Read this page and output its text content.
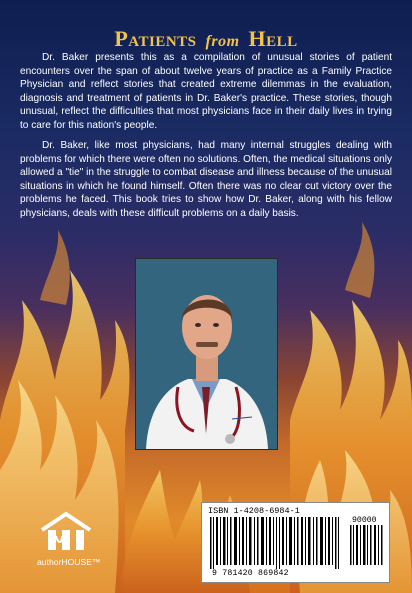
Patients from Hell

Dr. Baker presents this as a compilation of unusual stories of patient encounters over the span of about twelve years of practice as a Family Practice Physician and reflect stories that created extreme dilemmas in the evaluation, diagnosis and treatment of patients in Dr. Baker's practice. These stories, though unusual, reflect the difficulties that most physicians face in their daily lives in trying to care for this nation's people.

Dr. Baker, like most physicians, had many internal struggles dealing with problems for which there were often no solutions. Often, the medical situations only allowed a "tie" in the struggle to combat disease and illness because of the unusual situations in which he found himself. Often there was no clear cut victory over the problems he faced. This book tries to show how Dr. Baker, along with his fellow physicians, deals with these difficult problems on a daily basis.

authorHOUSE™
ISBN 1-4208-6984-1
90000
9 781420 869842
